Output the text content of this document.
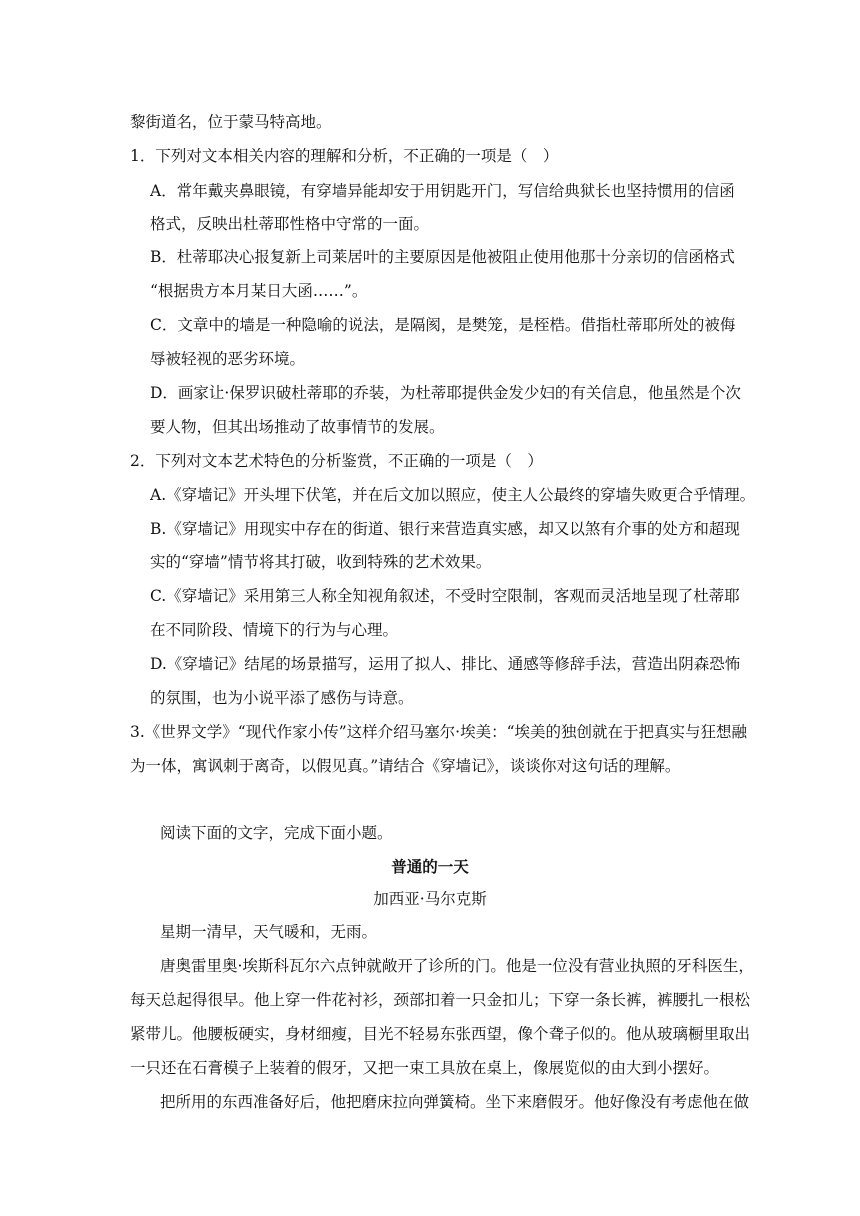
黎街道名，位于蒙马特高地。
1．下列对文本相关内容的理解和分析，不正确的一项是（　）
A．常年戴夹鼻眼镜，有穿墙异能却安于用钥匙开门，写信给典狱长也坚持惯用的信函
格式，反映出杜蒂耶性格中守常的一面。
B．杜蒂耶决心报复新上司莱居叶的主要原因是他被阻止使用他那十分亲切的信函格式
“根据贵方本月某日大函……”。
C．文章中的墙是一种隐喻的说法，是隔阂，是樊笼，是桎梏。借指杜蒂耶所处的被侮
辱被轻视的恶劣环境。
D．画家让·保罗识破杜蒂耶的乔装，为杜蒂耶提供金发少妇的有关信息，他虽然是个次
要人物，但其出场推动了故事情节的发展。
2．下列对文本艺术特色的分析鉴赏，不正确的一项是（　）
A.《穿墙记》开头埋下伏笔，并在后文加以照应，使主人公最终的穿墙失败更合乎情理。
B.《穿墙记》用现实中存在的街道、银行来营造真实感，却又以煞有介事的处方和超现
实的“穿墙”情节将其打破，收到特殊的艺术效果。
C.《穿墙记》采用第三人称全知视角叙述，不受时空限制，客观而灵活地呈现了杜蒂耶
在不同阶段、情境下的行为与心理。
D.《穿墙记》结尾的场景描写，运用了拟人、排比、通感等修辞手法，营造出阴森恐怖
的氛围，也为小说平添了感伤与诗意。
3.《世界文学》“现代作家小传”这样介绍马塞尔·埃美：“埃美的独创就在于把真实与狂想融
为一体，寓讽刺于离奇，以假见真。”请结合《穿墙记》，谈谈你对这句话的理解。
阅读下面的文字，完成下面小题。
普通的一天
加西亚·马尔克斯
星期一清早，天气暖和，无雨。
唐奥雷里奥·埃斯科瓦尔六点钟就敞开了诊所的门。他是一位没有营业执照的牙科医生，
每天总起得很早。他上穿一件花衬衫，颈部扣着一只金扣儿；下穿一条长裤，裤腰扎一根松
紧带儿。他腰板硬实，身材细瘦，目光不轻易东张西望，像个聋子似的。他从玻璃橱里取出
一只还在石膏模子上装着的假牙，又把一束工具放在桌上，像展览似的由大到小摆好。
把所用的东西准备好后，他把磨床拉向弹簧椅。坐下来磨假牙。他好像没有考虑他在做
